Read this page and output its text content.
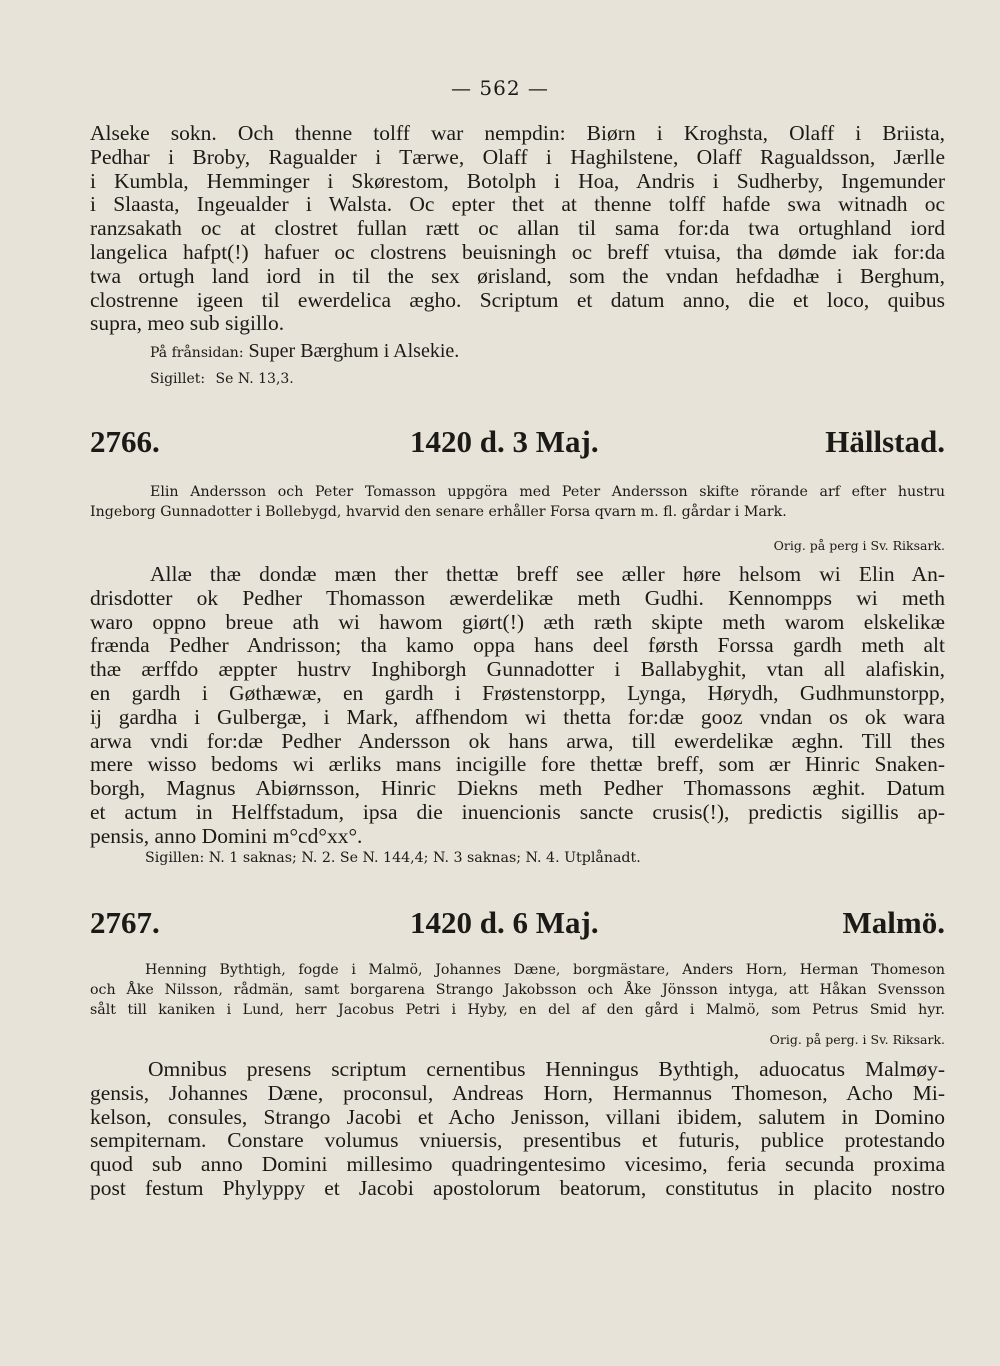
— 562 —
Alseke sokn. Och thenne tolff war nempdin: Biørn i Kroghsta, Olaff i Briista,
Pedhar i Broby, Ragualder i Tærwe, Olaff i Haghilstene, Olaff Ragualdsson, Jærlle
i Kumbla, Hemminger i Skørestom, Botolph i Hoa, Andris i Sudherby, Ingemunder
i Slaasta, Ingeualder i Walsta. Oc epter thet at thenne tolff hafde swa witnadh oc
ranzsakath oc at clostret fullan rætt oc allan til sama for:da twa ortughland iord
langelica hafpt(!) hafuer oc clostrens beuisningh oc breff vtuisa, tha dømde iak for:da
twa ortugh land iord in til the sex ørisland, som the vndan hefdadhæ i Berghum,
clostrenne igeen til ewerdelica ægho. Scriptum et datum anno, die et loco, quibus
supra, meo sub sigillo.
På frånsidan: Super Bærghum i Alsekie.
Sigillet: Se N. 13,3.
2766.	1420 d. 3 Maj.	Hällstad.
Elin Andersson och Peter Tomasson uppgöra med Peter Andersson skifte rörande arf efter hustru
Ingeborg Gunnadotter i Bollebygd, hvarvid den senare erhåller Forsa qvarn m. fl. gårdar i Mark.
Orig. på perg i Sv. Riksark.
Allæ thæ dondæ mæn ther thettæ breff see æller høre helsom wi Elin An-
drisdotter ok Pedher Thomasson æwerdelikæ meth Gudhi. Kennompps wi meth
waro oppno breue ath wi hawom giørt(!) æth ræth skipte meth warom elskelikæ
frænda Pedher Andrisson; tha kamo oppa hans deel førsth Forssa gardh meth alt
thæ ærffdo æppter hustrv Inghiborgh Gunnadotter i Ballabyghit, vtan all alafiskin,
en gardh i Gøthæwæ, en gardh i Frøstenstorpp, Lynga, Hørydh, Gudhmunstorpp,
ij gardha i Gulbergæ, i Mark, affhendom wi thetta for:dæ gooz vndan os ok wara
arwa vndi for:dæ Pedher Andersson ok hans arwa, till ewerdelikæ æghn. Till thes
mere wisso bedoms wi ærliks mans incigille fore thettæ breff, som ær Hinric Snaken-
borgh, Magnus Abiørnsson, Hinric Diekns meth Pedher Thomassons æghit. Datum
et actum in Helffstadum, ipsa die inuencionis sancte crusis(!), predictis sigillis ap-
pensis, anno Domini m°cd°xx°.
Sigillen: N. 1 saknas; N. 2. Se N. 144,4; N. 3 saknas; N. 4. Utplånadt.
2767.	1420 d. 6 Maj.	Malmö.
Henning Bythtigh, fogde i Malmö, Johannes Dæne, borgmästare, Anders Horn, Herman Thomeson
och Åke Nilsson, rådmän, samt borgarena Strango Jakobsson och Åke Jönsson intyga, att Håkan Svensson
sålt till kaniken i Lund, herr Jacobus Petri i Hyby, en del af den gård i Malmö, som Petrus Smid hyr.
Orig. på perg. i Sv. Riksark.
Omnibus presens scriptum cernentibus Henningus Bythtigh, aduocatus Malmøy-
gensis, Johannes Dæne, proconsul, Andreas Horn, Hermannus Thomeson, Acho Mi-
kelson, consules, Strango Jacobi et Acho Jenisson, villani ibidem, salutem in Domino
sempiternam. Constare volumus vniuersis, presentibus et futuris, publice protestando
quod sub anno Domini millesimo quadringentesimo vicesimo, feria secunda proxima
post festum Phylyppy et Jacobi apostolorum beatorum, constitutus in placito nostro
